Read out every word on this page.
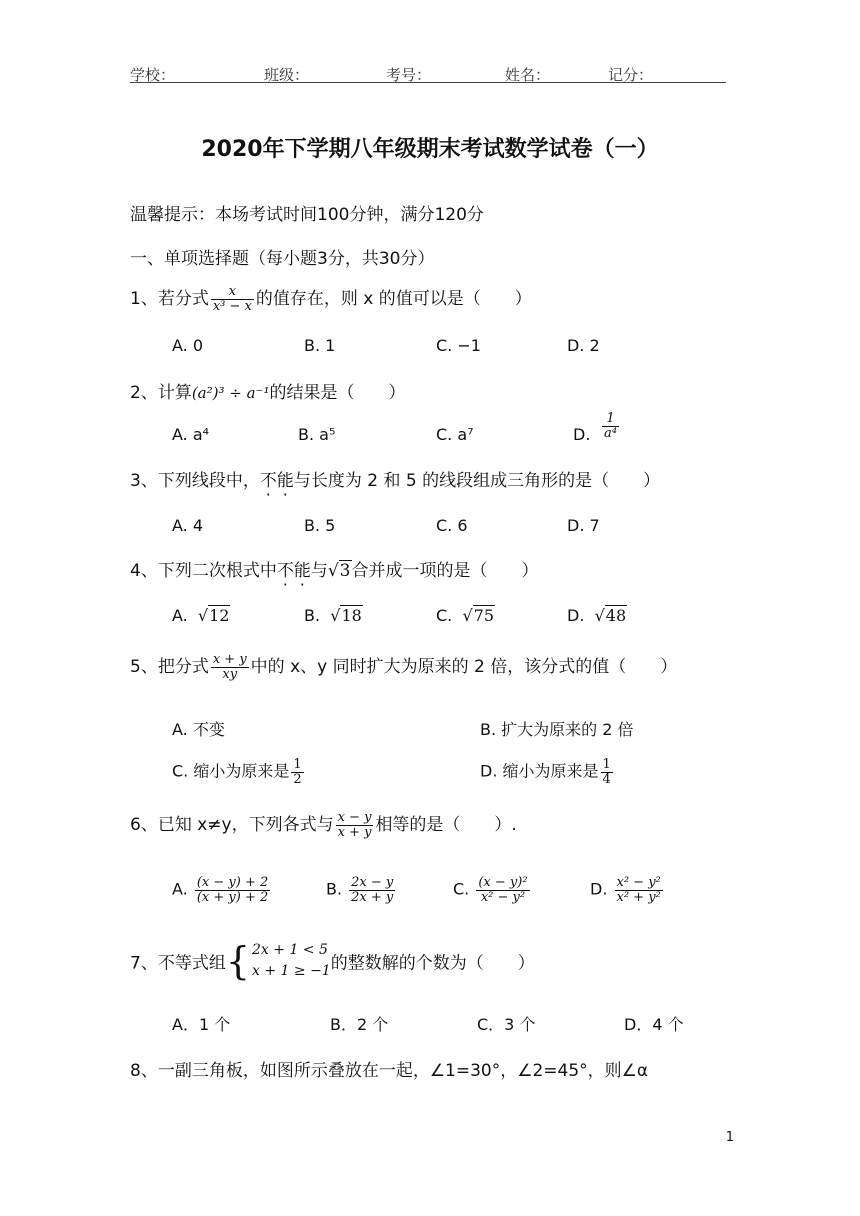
学校：	班级：	考号：	姓名：	记分：
2020年下学期八年级期末考试数学试卷（一）
温馨提示：本场考试时间100分钟，满分120分
一、单项选择题（每小题3分，共30分）
1、若分式 $\frac{x}{\text{x³ − x}}$ 的值存在，则 x 的值可以是（　　）
A. 0	B. 1	C. −1	D. 2
2、计算(a²)³ ÷ a⁻¹的结果是（　　）
A. a⁴	B. a⁵	C. a⁷	D. $\frac{1}{\text{a⁴}}$
3、下列线段中，不能与长度为 2 和 5 的线段组成三角形的是（　　）
A. 4	B. 5	C. 6	D. 7
4、下列二次根式中不能与√3合并成一项的是（　　）
A. √12	B. √18	C. √75	D. √48
5、把分式 $\frac{x + y}{xy}$ 中的 x、y 同时扩大为原来的 2 倍，该分式的值（　　）
A. 不变	B. 扩大为原来的 2 倍
C. 缩小为原来是 $\frac{1}{2}$	D. 缩小为原来是 $\frac{1}{4}$
6、已知 x≠y，下列各式与 $\frac{x - y}{x + y}$ 相等的是（　　）.
A. $\frac{(x - y) + 2}{(x + y) + 2}$	B. $\frac{2x - y}{2x + y}$	C. $\frac{\text{(x − y)²}}{\text{x² − y²}}$	D. $\frac{\text{x² − y²}}{\text{x² + y²}}$
7、不等式组{ 2x + 1 < 5
x + 1 ≥ −1 的整数解的个数为（　　）
A．1 个	B．2 个	C．3 个	D．4 个
8、一副三角板，如图所示叠放在一起，∠1=30°，∠2=45°，则∠α
1
